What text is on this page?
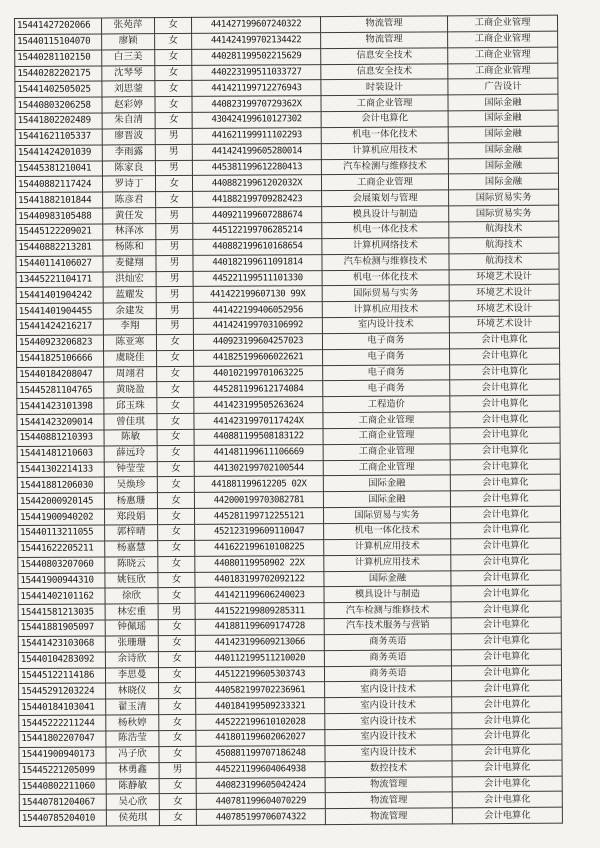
15441427202066	张苑萍	女	441427199607240322	物流管理	工商企业管理
15440115104070	廖颖	女	441424199702134422	物流管理	工商企业管理
15440281102150	白三美	女	440281199502215629	信息安全技术	工商企业管理
15440282202175	沈琴琴	女	440223199511033727	信息安全技术	工商企业管理
15441402505025	刘思蓥	女	441421199712276943	时装设计	广告设计
15440803206258	赵彩婷	女	44082319970729362X	工商企业管理	国际金融
15441802202489	朱自清	女	430424199610127302	会计电算化	国际金融
15441621105337	廖晋波	男	441621199911102293	机电一体化技术	国际金融
15441424201039	李雨露	男	441424199605280014	计算机应用技术	国际金融
15445381210041	陈家良	男	445381199612280413	汽车检测与维修技术	国际金融
15440882117424	罗诗丁	女	44088219961202032X	工商企业管理	国际金融
15441882101844	陈彦君	女	441882199709282423	会展策划与管理	国际贸易实务
15440983105488	黄任发	男	440921199607288674	模具设计与制造	国际贸易实务
15445122209021	林泽冰	男	445122199706285214	机电一体化技术	航海技术
15440882213281	杨陈和	男	440882199610168654	计算机网络技术	航海技术
15440114106027	麦健翔	男	440182199611091814	汽车检测与维修技术	航海技术
13445221104171	洪灿宏	男	445221199511101330	机电一体化技术	环境艺术设计
15441401904242	蓝耀发	男	441422199607130 99X	国际贸易与实务	环境艺术设计
15441401904455	余建发	男	441422199406052956	计算机应用技术	环境艺术设计
15441424216217	李翔	男	441424199703106992	室内设计技术	环境艺术设计
15440923206823	陈亚寒	女	440923199604257023	电子商务	会计电算化
15441825106666	虞晓佳	女	441825199606022621	电子商务	会计电算化
15440184208047	周翊君	女	440102199701063225	电子商务	会计电算化
15445281104765	黄晓盈	女	445281199612174084	电子商务	会计电算化
15441423101398	邱玉珠	女	441423199505263624	工程造价	会计电算化
15441423209014	曾佳琪	女	44142319970117424X	工商企业管理	会计电算化
15440881210393	陈敏	女	440881199508183122	工商企业管理	会计电算化
15441481210603	薛远玲	女	441481199611106669	工商企业管理	会计电算化
15441302214133	钟莹莹	女	441302199702100544	工商企业管理	会计电算化
15441881206030	吴焕珍	女	441881199612205 02X	国际金融	会计电算化
15442000920145	杨惠珊	女	442000199703082781	国际金融	会计电算化
15441900940202	郑段娟	女	445281199712255121	国际贸易与实务	会计电算化
15440113211055	郭梓晴	女	452123199609110047	机电一体化技术	会计电算化
15441622205211	杨嘉慧	女	441622199610108225	计算机应用技术	会计电算化
15440803207060	陈晓云	女	44080119950902 22X	计算机应用技术	会计电算化
15441900944310	姚钰欣	女	440183199702092122	国际金融	会计电算化
15441402101162	徐欣	女	441421199606240023	模具设计与制造	会计电算化
15441581213035	林宏重	男	441522199809285311	汽车检测与维修技术	会计电算化
15441881905097	钟佩瑶	女	441881199609174728	汽车技术服务与营销	会计电算化
15441423103068	张珊珊	女	441423199609213066	商务英语	会计电算化
15440104283092	余诗欣	女	440112199511210020	商务英语	会计电算化
15445122114186	李思曼	女	445122199605303743	商务英语	会计电算化
15445291203224	林晓仪	女	440582199702236961	室内设计技术	会计电算化
15440184103041	翟玉清	女	440184199509233321	室内设计技术	会计电算化
15445222211244	杨秋婷	女	445222199610102028	室内设计技术	会计电算化
15441802207047	陈浩莹	女	441801199602062027	室内设计技术	会计电算化
15441900940173	冯子欣	女	450881199707186248	室内设计技术	会计电算化
15445221205099	林勇鑫	男	445221199604064938	数控技术	会计电算化
15440802211060	陈静敏	女	440823199605042424	物流管理	会计电算化
15440781204067	吴心欣	女	440781199604070229	物流管理	会计电算化
15440785204010	侯苑琪	女	440785199706074322	物流管理	会计电算化
